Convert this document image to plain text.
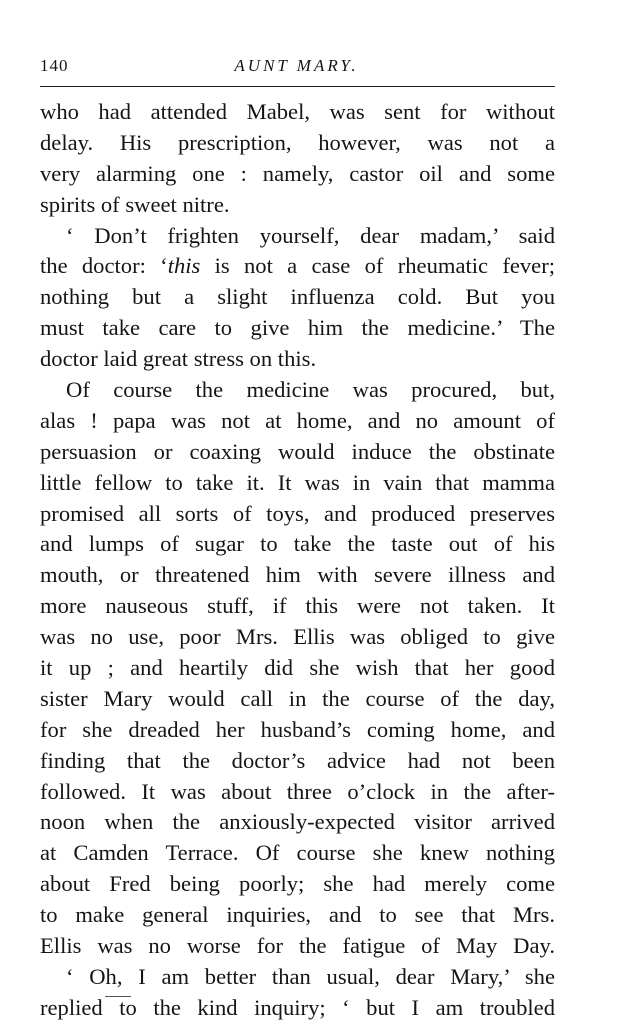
140	AUNT MARY.
who had attended Mabel, was sent for without
delay. His prescription, however, was not a
very alarming one : namely, castor oil and some
spirits of sweet nitre.
‘ Don’t frighten yourself, dear madam,’ said
the doctor: ‘this is not a case of rheumatic fever;
nothing but a slight influenza cold. But you
must take care to give him the medicine.’ The
doctor laid great stress on this.
Of course the medicine was procured, but,
alas ! papa was not at home, and no amount of
persuasion or coaxing would induce the obstinate
little fellow to take it. It was in vain that mamma
promised all sorts of toys, and produced preserves
and lumps of sugar to take the taste out of his
mouth, or threatened him with severe illness and
more nauseous stuff, if this were not taken. It
was no use, poor Mrs. Ellis was obliged to give
it up ; and heartily did she wish that her good
sister Mary would call in the course of the day,
for she dreaded her husband’s coming home, and
finding that the doctor’s advice had not been
followed. It was about three o’clock in the after-
noon when the anxiously-expected visitor arrived
at Camden Terrace. Of course she knew nothing
about Fred being poorly; she had merely come
to make general inquiries, and to see that Mrs.
Ellis was no worse for the fatigue of May Day.
‘ Oh, I am better than usual, dear Mary,’ she
replied to the kind inquiry; ‘ but I am troubled
